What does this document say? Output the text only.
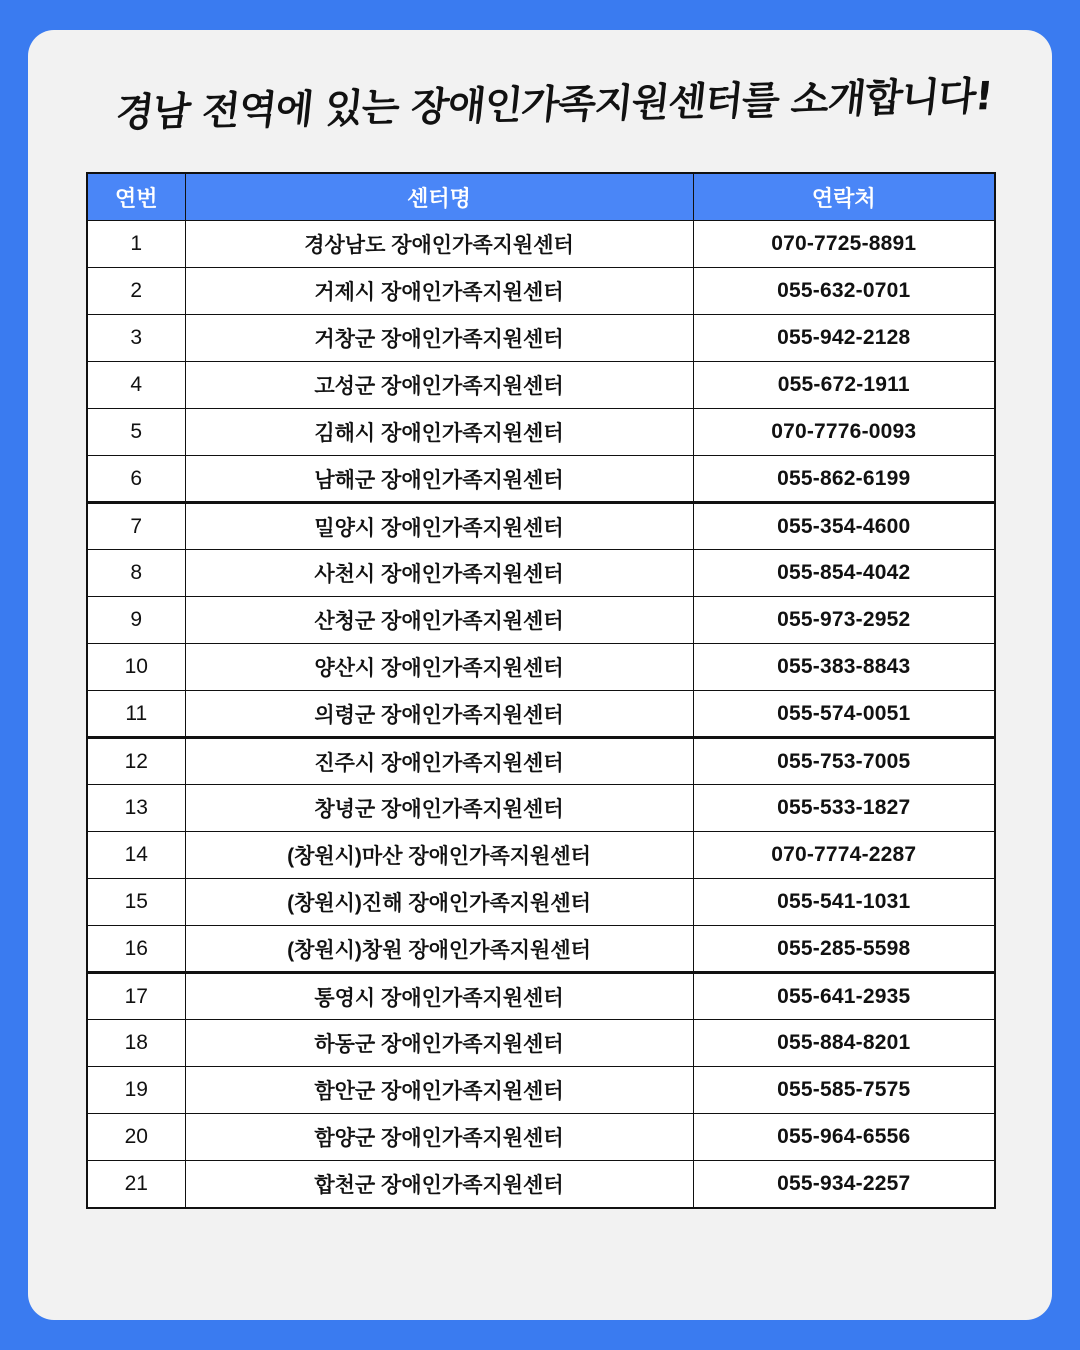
경남 전역에 있는 장애인가족지원센터를 소개합니다!
연번	센터명	연락처
1	경상남도 장애인가족지원센터	070-7725-8891
2	거제시 장애인가족지원센터	055-632-0701
3	거창군 장애인가족지원센터	055-942-2128
4	고성군 장애인가족지원센터	055-672-1911
5	김해시 장애인가족지원센터	070-7776-0093
6	남해군 장애인가족지원센터	055-862-6199
7	밀양시 장애인가족지원센터	055-354-4600
8	사천시 장애인가족지원센터	055-854-4042
9	산청군 장애인가족지원센터	055-973-2952
10	양산시 장애인가족지원센터	055-383-8843
11	의령군 장애인가족지원센터	055-574-0051
12	진주시 장애인가족지원센터	055-753-7005
13	창녕군 장애인가족지원센터	055-533-1827
14	(창원시)마산 장애인가족지원센터	070-7774-2287
15	(창원시)진해 장애인가족지원센터	055-541-1031
16	(창원시)창원 장애인가족지원센터	055-285-5598
17	통영시 장애인가족지원센터	055-641-2935
18	하동군 장애인가족지원센터	055-884-8201
19	함안군 장애인가족지원센터	055-585-7575
20	함양군 장애인가족지원센터	055-964-6556
21	합천군 장애인가족지원센터	055-934-2257
